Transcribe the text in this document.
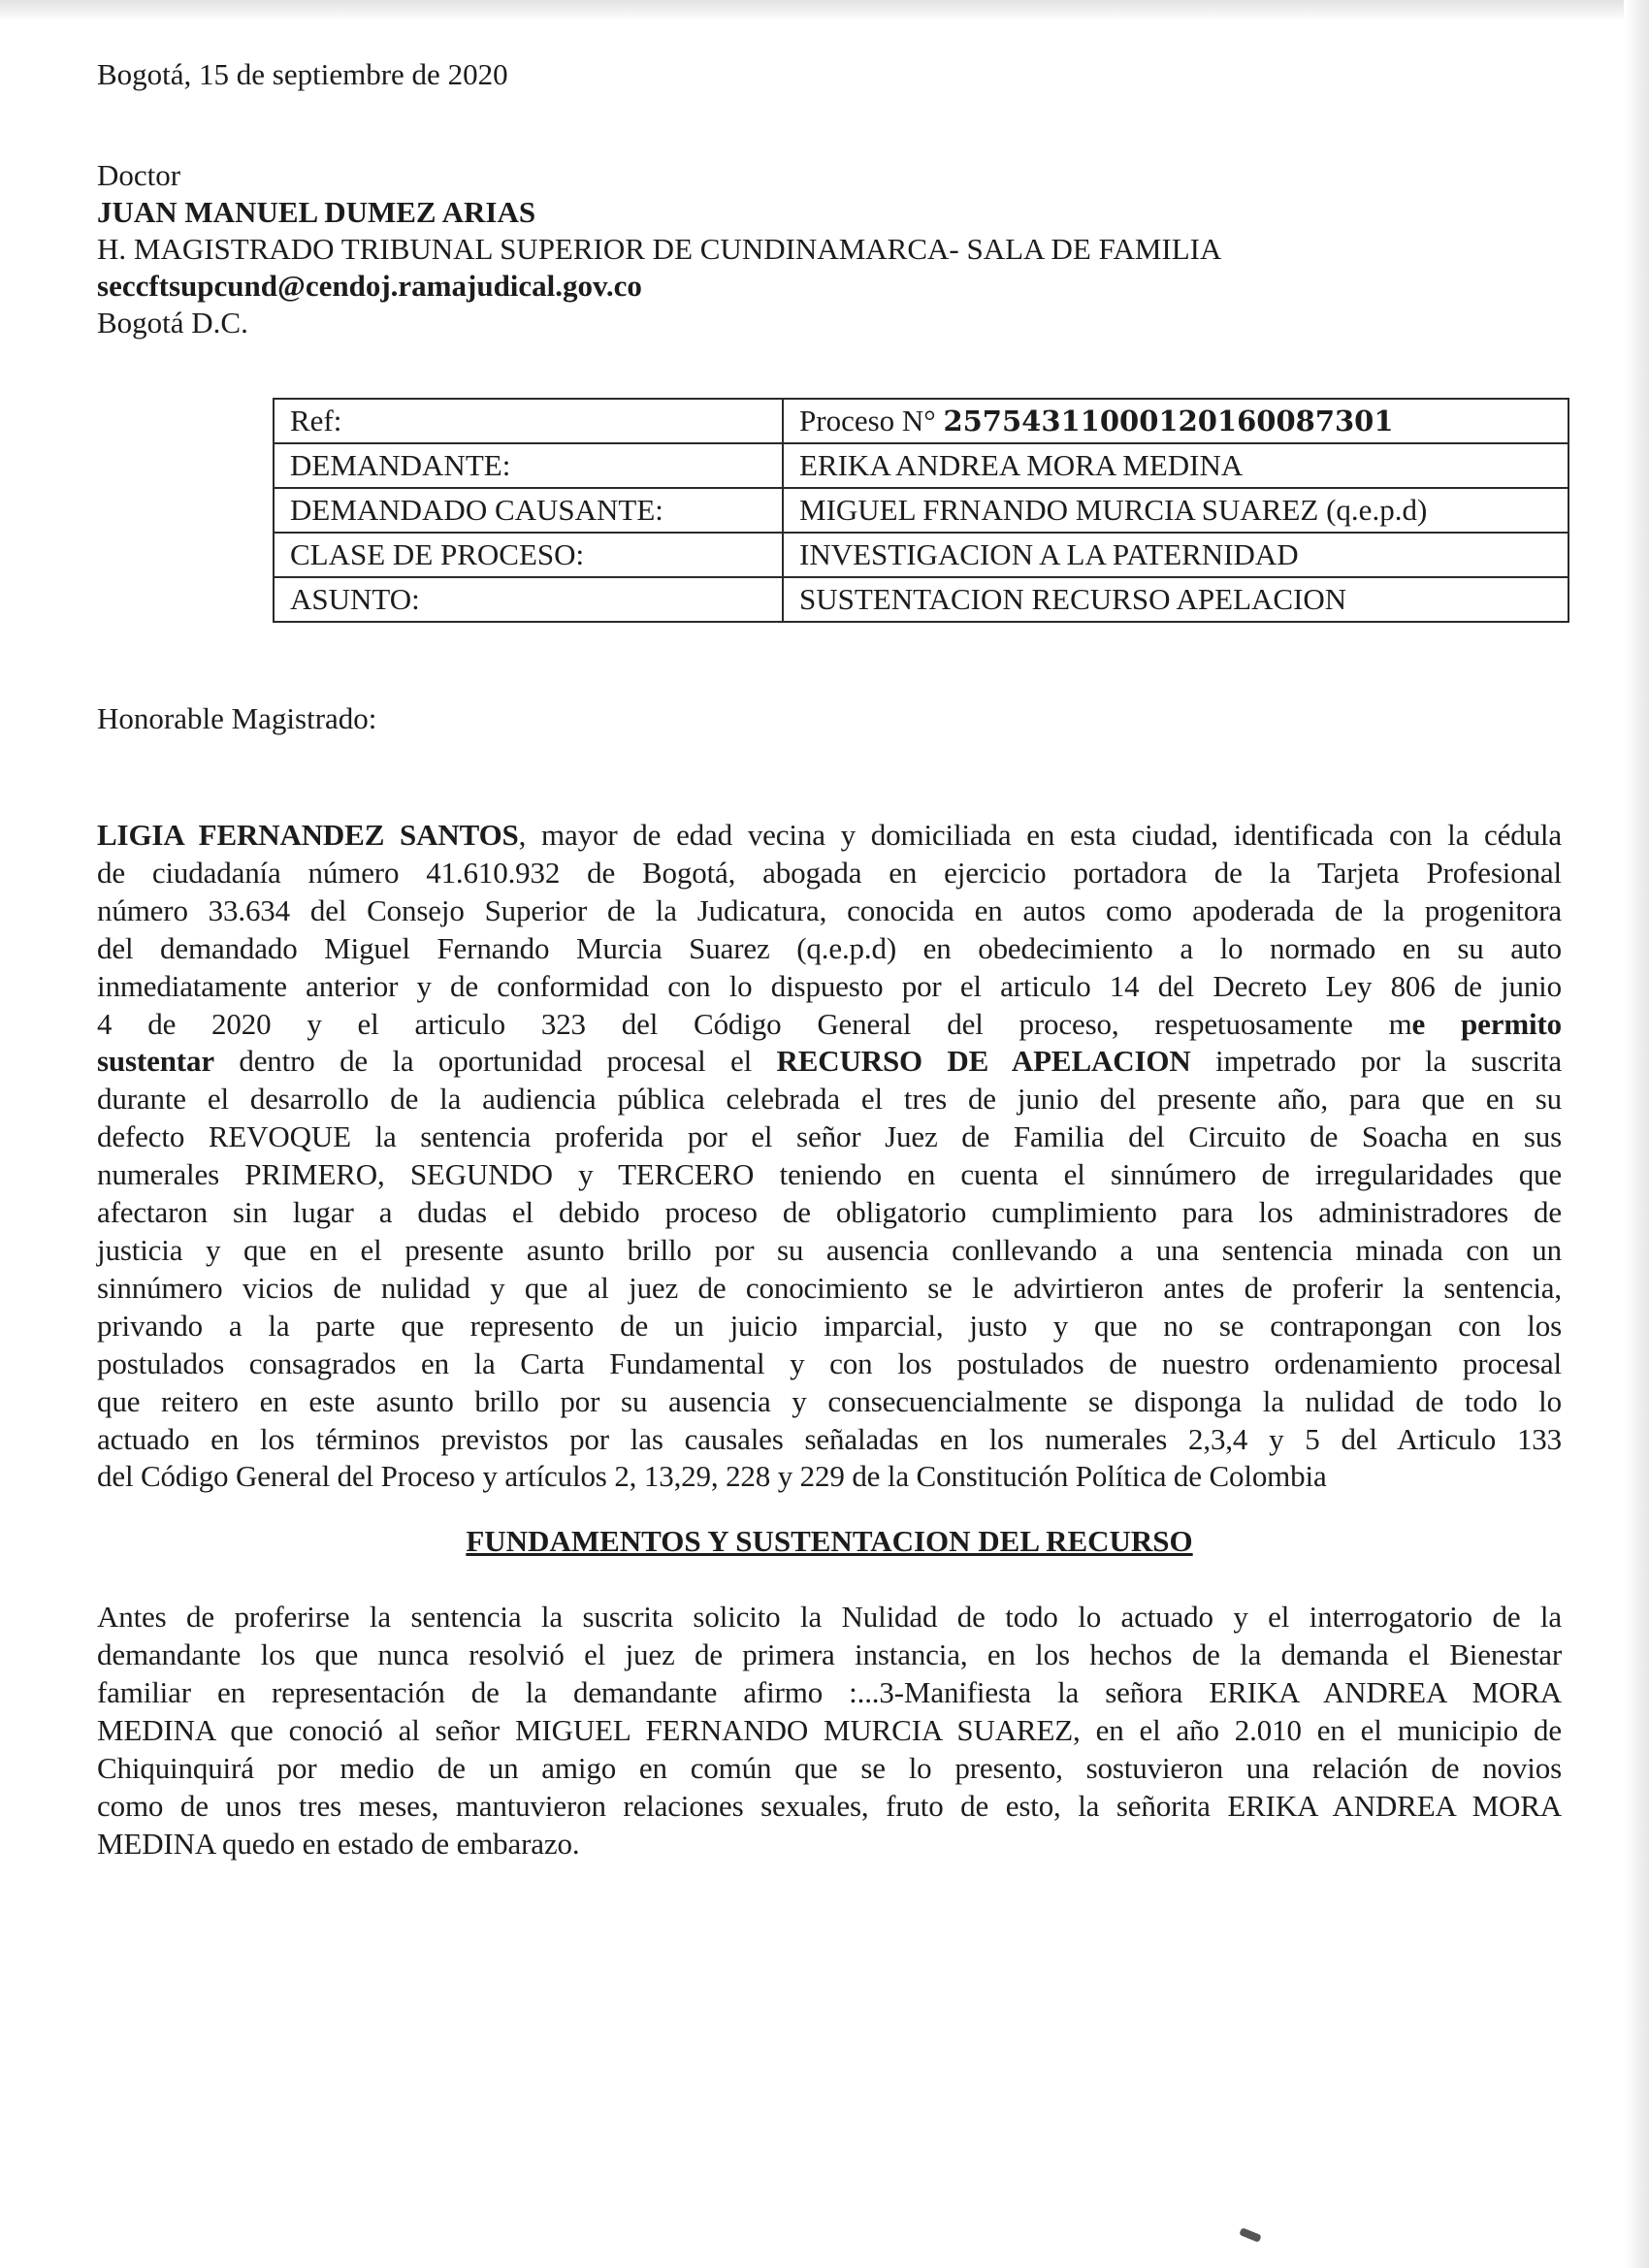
Bogotá, 15 de septiembre de 2020
Doctor
JUAN MANUEL DUMEZ ARIAS
H. MAGISTRADO TRIBUNAL SUPERIOR DE CUNDINAMARCA- SALA DE FAMILIA
seccftsupcund@cendoj.ramajudical.gov.co
Bogotá D.C.
Ref:	Proceso N° 25754311000120160087301
DEMANDANTE:	ERIKA ANDREA MORA MEDINA
DEMANDADO CAUSANTE:	MIGUEL FRNANDO MURCIA SUAREZ (q.e.p.d)
CLASE DE PROCESO:	INVESTIGACION A LA PATERNIDAD
ASUNTO:	SUSTENTACION RECURSO APELACION
Honorable Magistrado:

LIGIA FERNANDEZ SANTOS, mayor de edad vecina y domiciliada en esta ciudad, identificada con la cédula

de ciudadanía número 41.610.932 de Bogotá, abogada en ejercicio portadora de la Tarjeta Profesional

número 33.634 del Consejo Superior de la Judicatura, conocida en autos como apoderada de la progenitora

del demandado Miguel Fernando Murcia Suarez (q.e.p.d) en obedecimiento a lo normado en su auto

inmediatamente anterior y de conformidad con lo dispuesto por el articulo 14 del Decreto Ley 806 de junio

4 de 2020 y el articulo 323 del Código General del proceso, respetuosamente me permito

sustentar dentro de la oportunidad procesal el RECURSO DE APELACION impetrado por la suscrita

durante el desarrollo de la audiencia pública celebrada el tres de junio del presente año, para que en su

defecto REVOQUE la sentencia proferida por el señor Juez de Familia del Circuito de Soacha en sus

numerales PRIMERO, SEGUNDO y TERCERO teniendo en cuenta el sinnúmero de irregularidades que

afectaron sin lugar a dudas el debido proceso de obligatorio cumplimiento para los administradores de

justicia y que en el presente asunto brillo por su ausencia conllevando a una sentencia minada con un

sinnúmero vicios de nulidad y que al juez de conocimiento se le advirtieron antes de proferir la sentencia,

privando a la parte que represento de un juicio imparcial, justo y que no se contrapongan con los

postulados consagrados en la Carta Fundamental y con los postulados de nuestro ordenamiento procesal

que reitero en este asunto brillo por su ausencia y consecuencialmente se disponga la nulidad de todo lo

actuado en los términos previstos por las causales señaladas en los numerales 2,3,4 y 5 del Articulo 133

del Código General del Proceso y artículos 2, 13,29, 228 y 229 de la Constitución Política de Colombia

FUNDAMENTOS Y SUSTENTACION DEL RECURSO

Antes de proferirse la sentencia la suscrita solicito la Nulidad de todo lo actuado y el interrogatorio de la

demandante los que nunca resolvió el juez de primera instancia, en los hechos de la demanda el Bienestar

familiar en representación de la demandante afirmo :...3-Manifiesta la señora ERIKA ANDREA MORA

MEDINA que conoció al señor MIGUEL FERNANDO MURCIA SUAREZ, en el año 2.010 en el municipio de

Chiquinquirá por medio de un amigo en común que se lo presento, sostuvieron una relación de novios

como de unos tres meses, mantuvieron relaciones sexuales, fruto de esto, la señorita ERIKA ANDREA MORA

MEDINA quedo en estado de embarazo.
